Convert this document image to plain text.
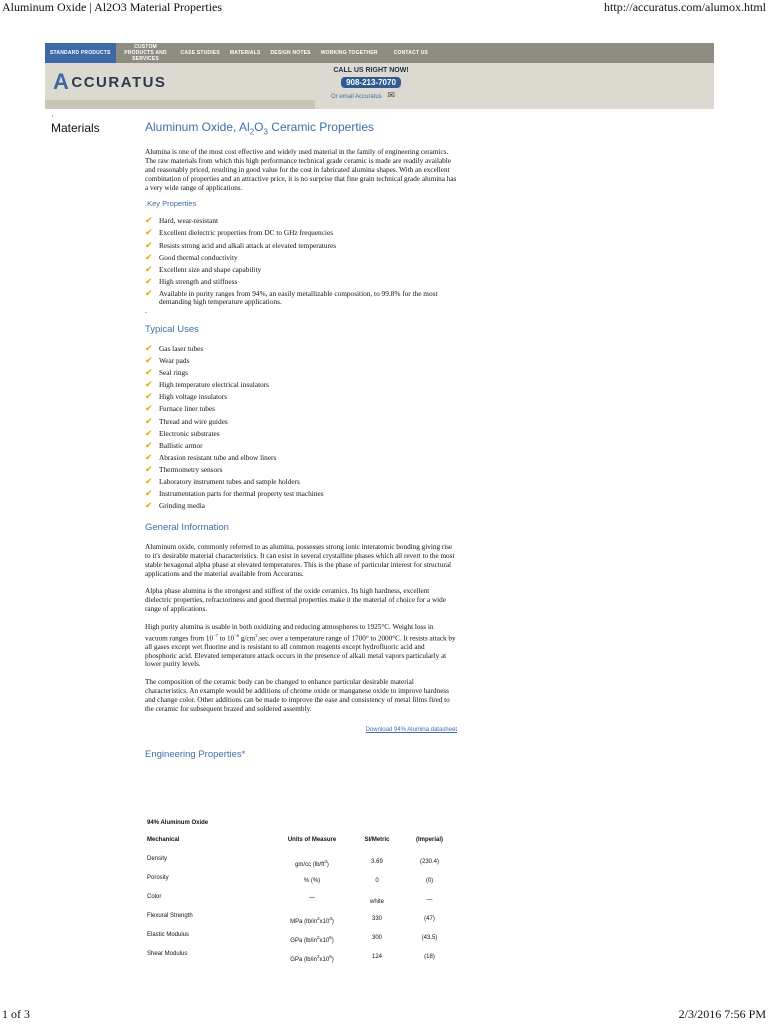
Aluminum Oxide | Al2O3 Material Properties	http://accuratus.com/alumox.html
1 of 3	2/3/2016 7:56 PM
STANDARD PRODUCTS
CUSTOM PRODUCTS AND SERVICES
CASE STUDIES	MATERIALS	DESIGN NOTES	WORKING TOGETHER	CONTACT US
A CCURATUS
CALL US RIGHT NOW!
908-213-7070
Or email Accuratus ✉
,
Materials	Aluminum Oxide, $Al_2O_3$ Ceramic Properties

Alumina is one of the most cost effective and widely used material in the family of engineering ceramics. The raw materials from which this high performance technical grade ceramic is made are readily available and reasonably priced, resulting in good value for the cost in fabricated alumina shapes. With an excellent combination of properties and an attractive price, it is no surprise that fine grain technical grade alumina has a very wide range of applications.

.Key Properties
✔ Hard, wear-resistant
✔ Excellent dielectric properties from DC to GHz frequencies
✔ Resists strong acid and alkali attack at elevated temperatures
✔ Good thermal conductivity
✔ Excellent size and shape capability
✔ High strength and stiffness
✔ Available in purity ranges from 94%, an easily metallizable composition, to 99.8% for the most demanding high temperature applications.
.
Typical Uses
✔ Gas laser tubes
✔ Wear pads
✔ Seal rings
✔ High temperature electrical insulators
✔ High voltage insulators
✔ Furnace liner tubes
✔ Thread and wire guides
✔ Electronic substrates
✔ Ballistic armor
✔ Abrasion resistant tube and elbow liners
✔ Thermometry sensors
✔ Laboratory instrument tubes and sample holders
✔ Instrumentation parts for thermal property test machines
✔ Grinding media
General Information

Aluminum oxide, commonly referred to as alumina, possesses strong ionic interatomic bonding giving rise to it's desirable material characteristics. It can exist in several crystalline phases which all revert to the most stable hexagonal alpha phase at elevated temperatures. This is the phase of particular interest for structural applications and the material available from Accuratus.

Alpha phase alumina is the strongest and stiffest of the oxide ceramics. Its high hardness, excellent dielectric properties, refractoriness and good thermal properties make it the material of choice for a wide range of applications.

High purity alumina is usable in both oxidizing and reducing atmospheres to 1925°C. Weight loss in vacuum ranges from $10^{-7}$ to $10^{-6}$ $g/cm^2.\sec$ over a temperature range of 1700° to 2000°C. It resists attack by all gases except wet fluorine and is resistant to all common reagents except hydrofluoric acid and phosphoric acid. Elevated temperature attack occurs in the presence of alkali metal vapors particularly at lower purity levels.

The composition of the ceramic body can be changed to enhance particular desirable material characteristics. An example would be additions of chrome oxide or manganese oxide to improve hardness and change color. Other additions can be made to improve the ease and consistency of metal films fired to the ceramic for subsequent brazed and soldered assembly.

Download 94% Alumina datasheet
Engineering Properties*
94% Aluminum Oxide
Mechanical	Units of Measure	SI/Metric	(Imperial)
Density	gm/cc $(lb/ft^3)$	3.69	(230.4)
Porosity	% (%)	0	(0)
Color	—	white	—
Flexural Strength	MPa $(lb/in^2x10^3)$	330	(47)
Elastic Modulus	GPa $(lb/in^2x10^6)$	300	(43.5)
Shear Modulus	GPa $(lb/in^2x10^6)$	124	(18)
